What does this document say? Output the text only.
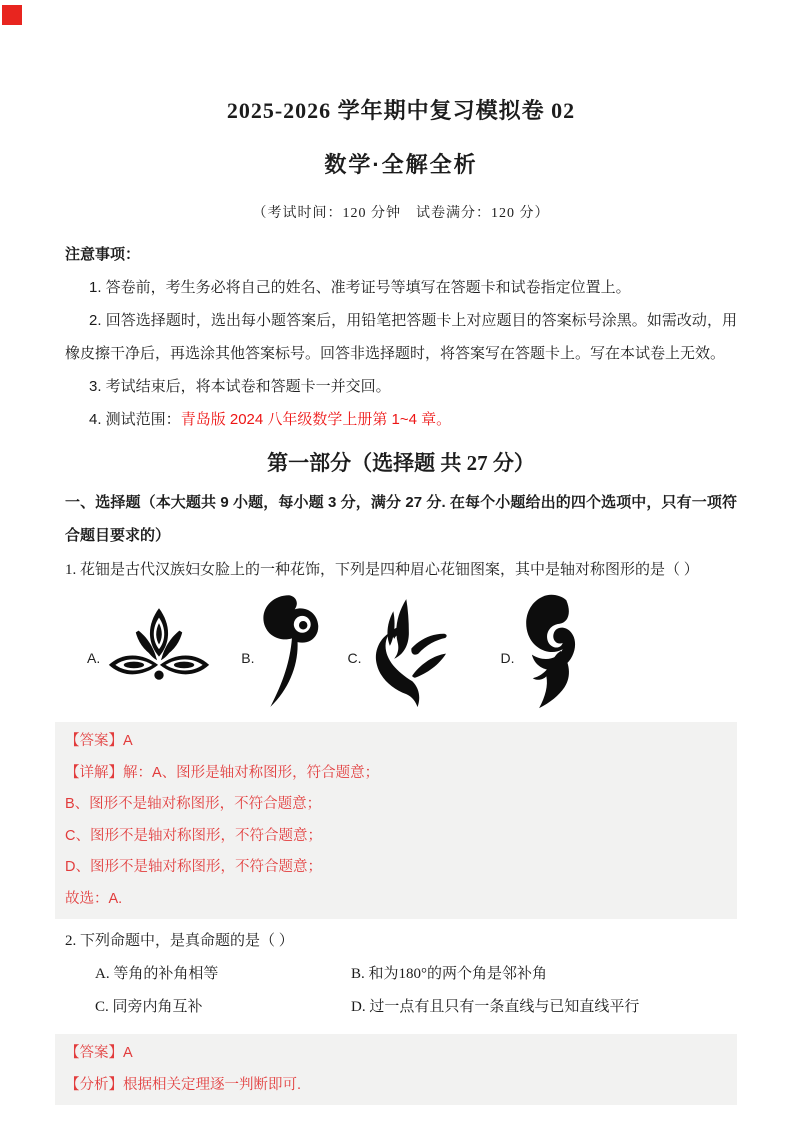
2025-2026 学年期中复习模拟卷 02
数学·全解全析

（考试时间：120 分钟　试卷满分：120 分）

注意事项：

1. 答卷前，考生务必将自己的姓名、准考证号等填写在答题卡和试卷指定位置上。

2. 回答选择题时，选出每小题答案后，用铅笔把答题卡上对应题目的答案标号涂黑。如需改动，用橡皮擦干净后，再选涂其他答案标号。回答非选择题时，将答案写在答题卡上。写在本试卷上无效。

3. 考试结束后，将本试卷和答题卡一并交回。

4. 测试范围：青岛版 2024 八年级数学上册第 1~4 章。

第一部分（选择题 共 27 分）

一、选择题（本大题共 9 小题，每小题 3 分，满分 27 分. 在每个小题给出的四个选项中，只有一项符合题目要求的）

1. 花钿是古代汉族妇女脸上的一种花饰，下列是四种眉心花钿图案，其中是轴对称图形的是（ ）

A.	B.	C.	D.

【答案】A

【详解】解：A、图形是轴对称图形，符合题意；

B、图形不是轴对称图形，不符合题意；

C、图形不是轴对称图形，不符合题意；

D、图形不是轴对称图形，不符合题意；

故选：A.

2. 下列命题中，是真命题的是（ ）

A. 等角的补角相等	B. 和为180°的两个角是邻补角
C. 同旁内角互补	D. 过一点有且只有一条直线与已知直线平行

【答案】A

【分析】根据相关定理逐一判断即可.
